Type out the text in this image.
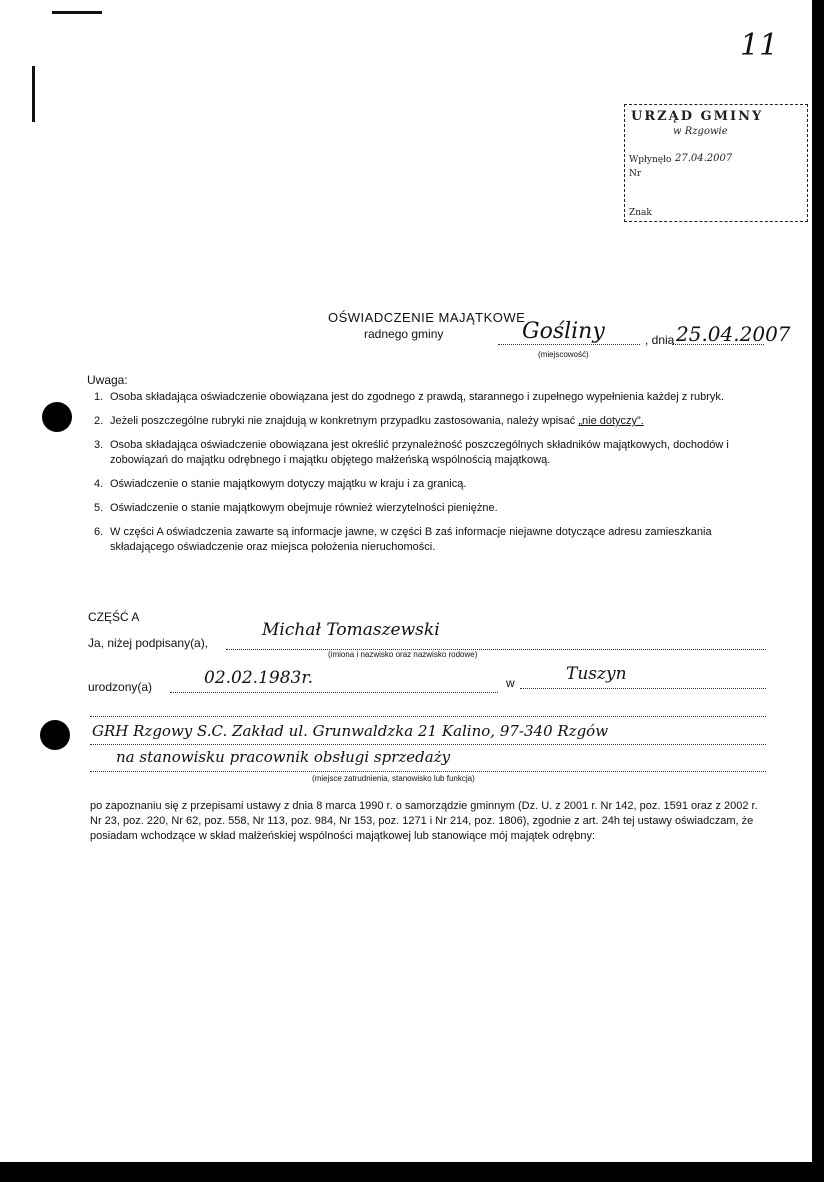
11
URZĄD GMINY
w Rzgowie
Wpłynęło 27.04.2007
Nr
Znak
OŚWIADCZENIE MAJĄTKOWE
radnego gminy	Gośliny	, dnia 25.04.2007
(miejscowość)
Uwaga:
1. Osoba składająca oświadczenie obowiązana jest do zgodnego z prawdą, starannego i zupełnego wypełnienia każdej z rubryk.
2. Jeżeli poszczególne rubryki nie znajdują w konkretnym przypadku zastosowania, należy wpisać „nie dotyczy”.
3. Osoba składająca oświadczenie obowiązana jest określić przynależność poszczególnych składników majątkowych, dochodów i zobowiązań do majątku odrębnego i majątku objętego małżeńską wspólnością majątkową.
4. Oświadczenie o stanie majątkowym dotyczy majątku w kraju i za granicą.
5. Oświadczenie o stanie majątkowym obejmuje również wierzytelności pieniężne.
6. W części A oświadczenia zawarte są informacje jawne, w części B zaś informacje niejawne dotyczące adresu zamieszkania składającego oświadczenie oraz miejsca położenia nieruchomości.
CZĘŚĆ A
Ja, niżej podpisany(a),
Michał Tomaszewski
(imiona i nazwisko oraz nazwisko rodowe)
urodzony(a)	02.02.1983r.	w	Tuszyn
GRH Rzgowy S.C. Zakład ul. Grunwaldzka 21 Kalino, 97-340 Rzgów
na stanowisku pracownik obsługi sprzedaży
(miejsce zatrudnienia, stanowisko lub funkcja)
po zapoznaniu się z przepisami ustawy z dnia 8 marca 1990 r. o samorządzie gminnym (Dz. U. z 2001 r. Nr 142, poz. 1591 oraz z 2002 r. Nr 23, poz. 220, Nr 62, poz. 558, Nr 113, poz. 984, Nr 153, poz. 1271 i Nr 214, poz. 1806), zgodnie z art. 24h tej ustawy oświadczam, że posiadam wchodzące w skład małżeńskiej wspólności majątkowej lub stanowiące mój majątek odrębny:
